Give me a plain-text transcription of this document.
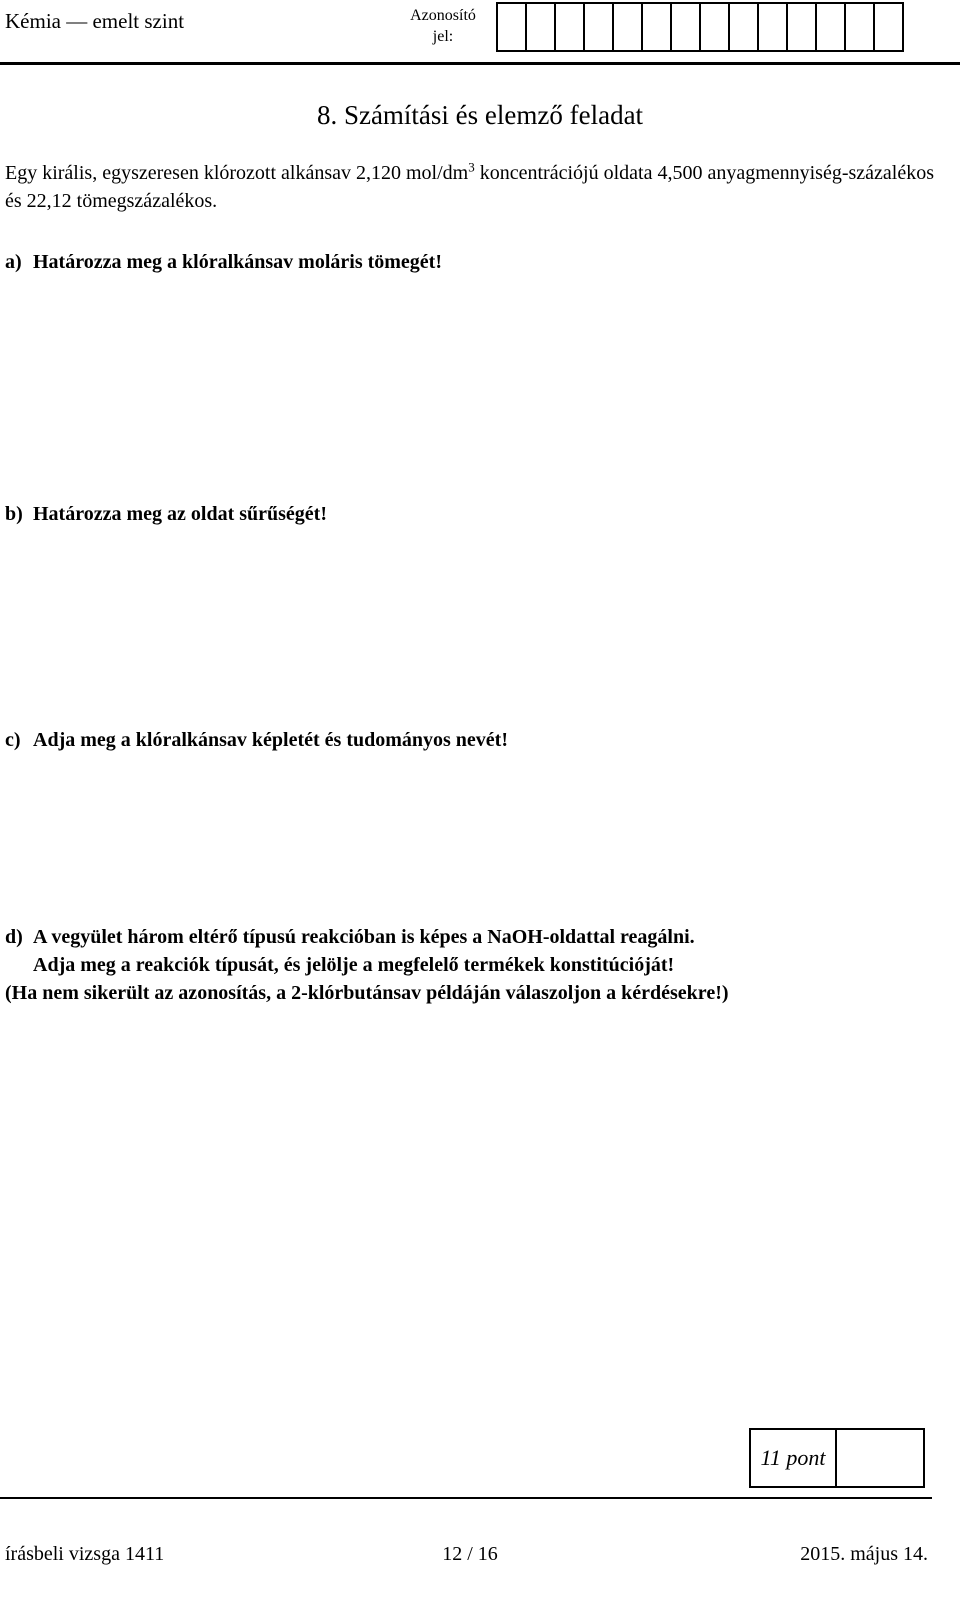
Kémia — emelt szint	Azonosító
jel:
8. Számítási és elemző feladat
Egy királis, egyszeresen klórozott alkánsav 2,120 mol/$dm^3$ koncentrációjú oldata 4,500 anyagmennyiség-százalékos és 22,12 tömegszázalékos.
a) Határozza meg a klóralkánsav moláris tömegét!
b) Határozza meg az oldat sűrűségét!
c) Adja meg a klóralkánsav képletét és tudományos nevét!
d) A vegyület három eltérő típusú reakcióban is képes a NaOH-oldattal reagálni.
Adja meg a reakciók típusát, és jelölje a megfelelő termékek konstitúcióját!
(Ha nem sikerült az azonosítás, a 2-klórbutánsav példáján válaszoljon a kérdésekre!)
11 pont
írásbeli vizsga 1411	12 / 16	2015. május 14.
